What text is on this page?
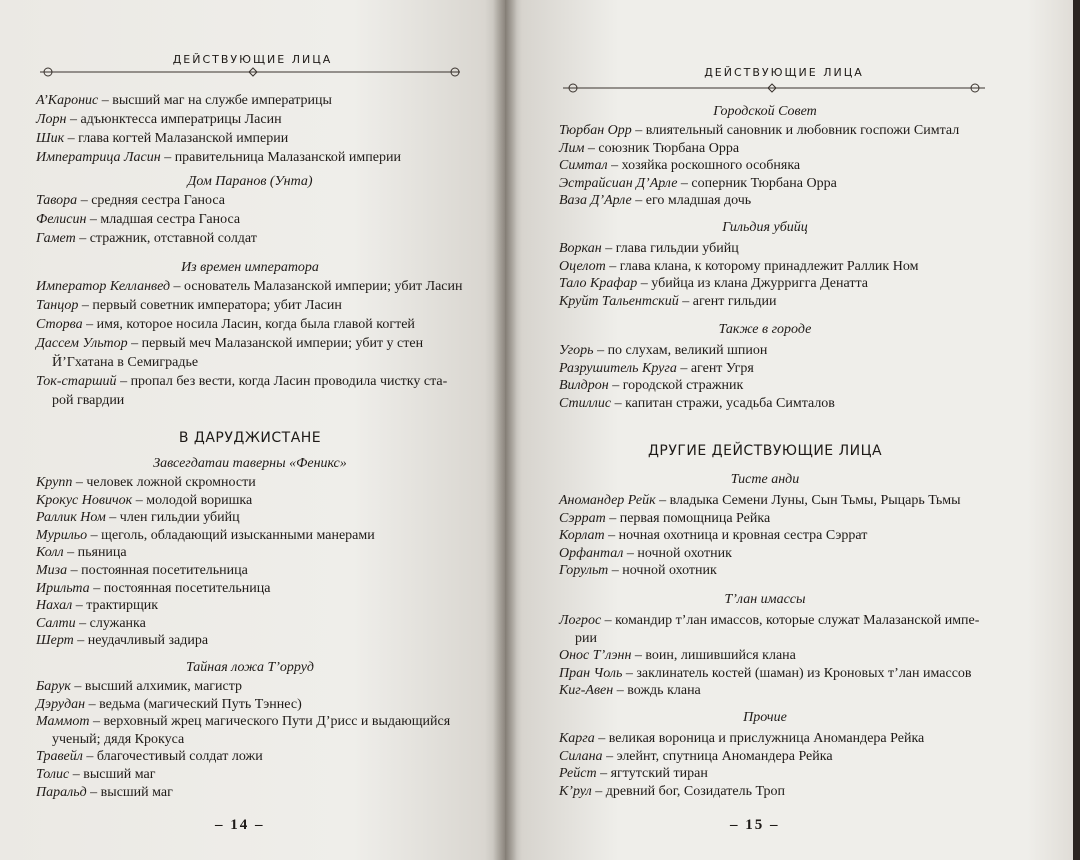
ДЕЙСТВУЮЩИЕ ЛИЦА
Дом Паранов (Унта)
Из времен императора
В ДАРУДЖИСТАНЕ
Завсегдатаи таверны «Феникс»
Тайная ложа Т’орруд
– 14 –
А’Каронис – высший маг на службе императрицы
Лорн – адъюнктесса императрицы Ласин
Шик – глава когтей Малазанской империи
Императрица Ласин – правительница Малазанской империи
Тавора – средняя сестра Ганоса
Фелисин – младшая сестра Ганоса
Гамет – стражник, отставной солдат
Император Келланвед – основатель Малазанской империи; убит Ласин
Танцор – первый советник императора; убит Ласин
Сторва – имя, которое носила Ласин, когда была главой когтей
Дассем Ультор – первый меч Малазанской империи; убит у стен
Й’Гхатана в Семиградье
Ток-старший – пропал без вести, когда Ласин проводила чистку ста-
рой гвардии
Крупп – человек ложной скромности
Крокус Новичок – молодой воришка
Раллик Ном – член гильдии убийц
Мурильо – щеголь, обладающий изысканными манерами
Колл – пьяница
Миза – постоянная посетительница
Ирильта – постоянная посетительница
Нахал – трактирщик
Салти – служанка
Шерт – неудачливый задира
Барук – высший алхимик, магистр
Дэрудан – ведьма (магический Путь Тэннес)
Маммот – верховный жрец магического Пути Д’рисс и выдающийся
ученый; дядя Крокуса
Травейл – благочестивый солдат ложи
Толис – высший маг
Паральд – высший маг
ДЕЙСТВУЮЩИЕ ЛИЦА
Городской Совет
Гильдия убийц
Также в городе
ДРУГИЕ ДЕЙСТВУЮЩИЕ ЛИЦА
Тисте анди
Т’лан имассы
Прочие
– 15 –
Тюрбан Орр – влиятельный сановник и любовник госпожи Симтал
Лим – союзник Тюрбана Орра
Симтал – хозяйка роскошного особняка
Эстрайсиан Д’Арле – соперник Тюрбана Орра
Ваза Д’Арле – его младшая дочь
Воркан – глава гильдии убийц
Оцелот – глава клана, к которому принадлежит Раллик Ном
Тало Крафар – убийца из клана Джурригга Денатта
Круйт Тальентский – агент гильдии
Угорь – по слухам, великий шпион
Разрушитель Круга – агент Угря
Вилдрон – городской стражник
Стиллис – капитан стражи, усадьба Симталов
Аномандер Рейк – владыка Семени Луны, Сын Тьмы, Рыцарь Тьмы
Сэррат – первая помощница Рейка
Корлат – ночная охотница и кровная сестра Сэррат
Орфантал – ночной охотник
Горульт – ночной охотник
Логрос – командир т’лан имассов, которые служат Малазанской импе-
рии
Онос Т’лэнн – воин, лишившийся клана
Пран Чоль – заклинатель костей (шаман) из Кроновых т’лан имассов
Киг-Авен – вождь клана
Карга – великая вороница и прислужница Аномандера Рейка
Силана – элейнт, спутница Аномандера Рейка
Рейст – ягтутский тиран
К’рул – древний бог, Созидатель Троп
